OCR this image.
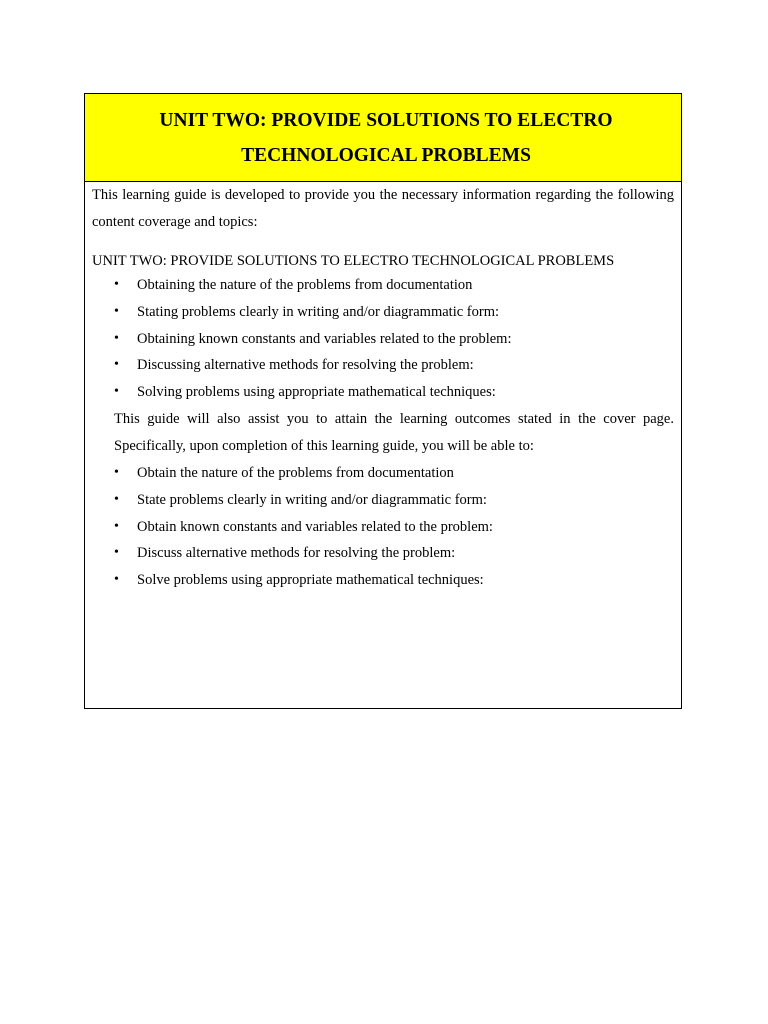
UNIT TWO: PROVIDE SOLUTIONS TO ELECTRO
TECHNOLOGICAL PROBLEMS

This learning guide is developed to provide you the necessary information regarding the following content coverage and topics:

UNIT TWO: PROVIDE SOLUTIONS TO ELECTRO TECHNOLOGICAL PROBLEMS

• Obtaining the nature of the problems from documentation
• Stating problems clearly in writing and/or diagrammatic form:
• Obtaining known constants and variables related to the problem:
• Discussing alternative methods for resolving the problem:
• Solving problems using appropriate mathematical techniques:

This guide will also assist you to attain the learning outcomes stated in the cover page. Specifically, upon completion of this learning guide, you will be able to:

• Obtain the nature of the problems from documentation
• State problems clearly in writing and/or diagrammatic form:
• Obtain known constants and variables related to the problem:
• Discuss alternative methods for resolving the problem:
• Solve problems using appropriate mathematical techniques:
